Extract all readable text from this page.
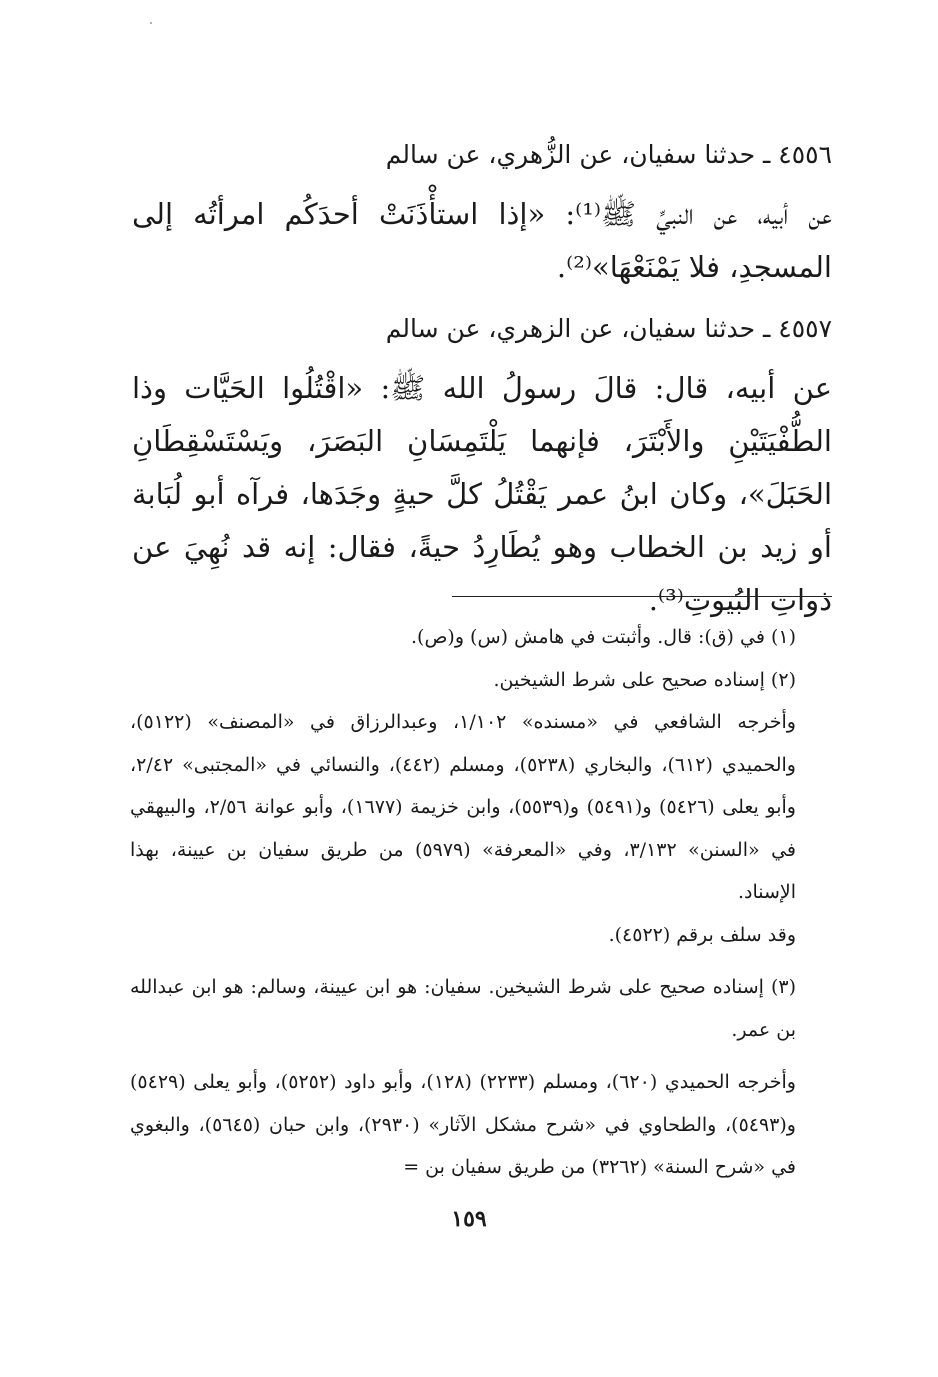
٤٥٥٦ ـ حدثنا سفيان، عن الزُّهري، عن سالم

عن أبيه، عن النبيِّ ﷺ⁽¹⁾: «إذا استأْذَنَتْ أحدَكُم امرأتُه إلى المسجدِ، فلا يَمْنَعْهَا»⁽²⁾.

٤٥٥٧ ـ حدثنا سفيان، عن الزهري، عن سالم

عن أبيه، قال: قالَ رسولُ الله ﷺ: «اقْتُلُوا الحَيَّات وذا الطُّفْيَتَيْنِ والأَبْتَرَ، فإنهما يَلْتَمِسَانِ البَصَرَ، ويَسْتَسْقِطَانِ الحَبَلَ»، وكان ابنُ عمر يَقْتُلُ كلَّ حيةٍ وجَدَها، فرآه أبو لُبَابة أو زيد بن الخطاب وهو يُطَارِدُ حيةً، فقال: إنه قد نُهِيَ عن ذواتِ البُيوتِ⁽³⁾.

(١) في (ق): قال. وأثبتت في هامش (س) و(ص).

(٢) إسناده صحيح على شرط الشيخين.

وأخرجه الشافعي في «مسنده» ١/١٠٢، وعبدالرزاق في «المصنف» (٥١٢٢)، والحميدي (٦١٢)، والبخاري (٥٢٣٨)، ومسلم (٤٤٢)، والنسائي في «المجتبى» ٢/٤٢، وأبو يعلى (٥٤٢٦) و(٥٤٩١) و(٥٥٣٩)، وابن خزيمة (١٦٧٧)، وأبو عوانة ٢/٥٦، والبيهقي في «السنن» ٣/١٣٢، وفي «المعرفة» (٥٩٧٩) من طريق سفيان بن عيينة، بهذا الإسناد.

وقد سلف برقم (٤٥٢٢).

(٣) إسناده صحيح على شرط الشيخين. سفيان: هو ابن عيينة، وسالم: هو ابن عبدالله بن عمر.

وأخرجه الحميدي (٦٢٠)، ومسلم (٢٢٣٣) (١٢٨)، وأبو داود (٥٢٥٢)، وأبو يعلى (٥٤٢٩) و(٥٤٩٣)، والطحاوي في «شرح مشكل الآثار» (٢٩٣٠)، وابن حبان (٥٦٤٥)، والبغوي في «شرح السنة» (٣٢٦٢) من طريق سفيان بن =

١٥٩
